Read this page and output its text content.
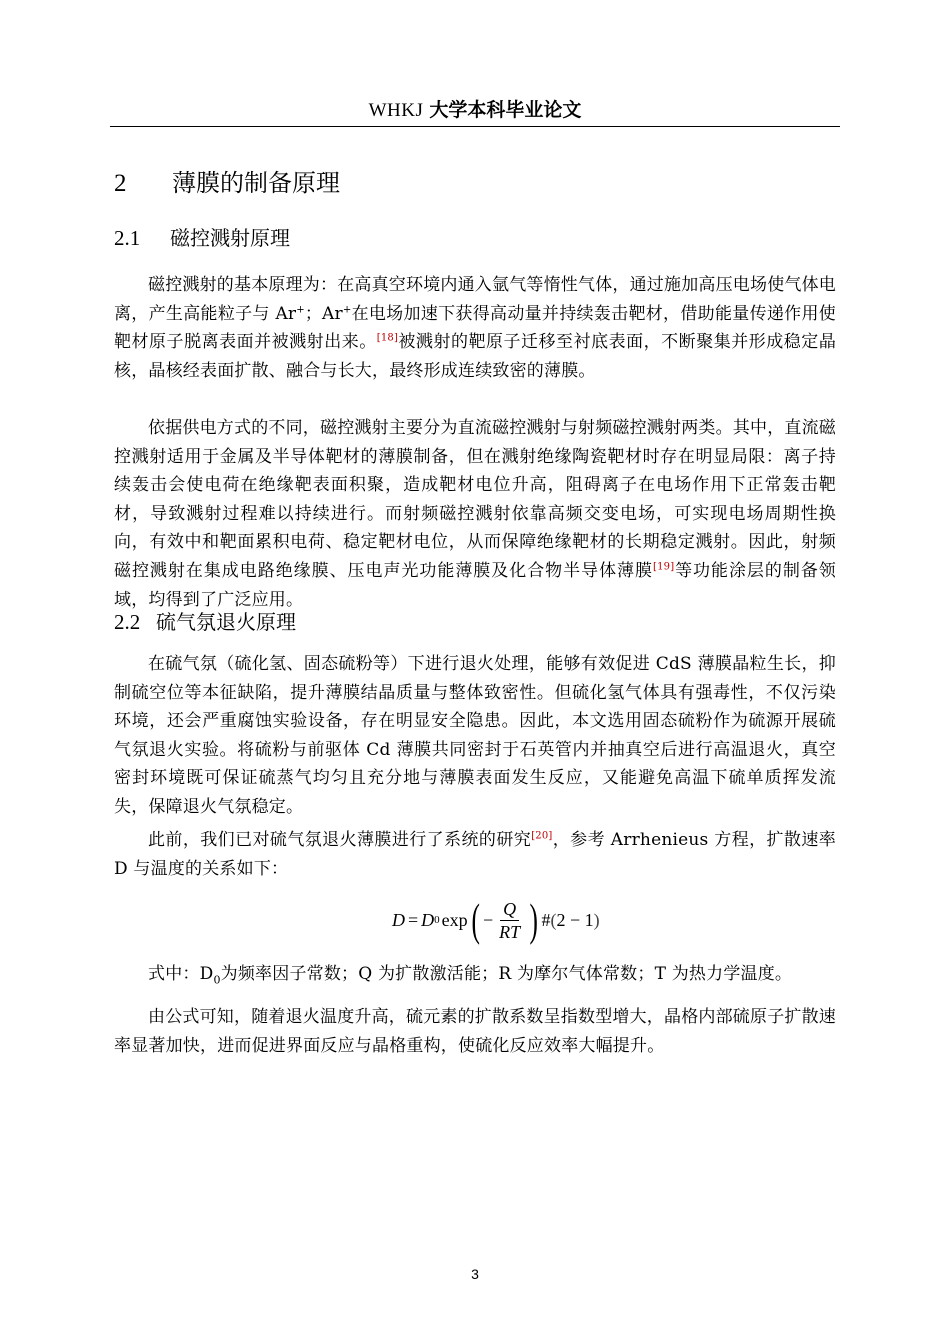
WHKJ 大学本科毕业论文
2 薄膜的制备原理
2.1 磁控溅射原理

磁控溅射的基本原理为：在高真空环境内通入氩气等惰性气体，通过施加高压电场使气体电离，产生高能粒子与 Ar+；Ar+在电场加速下获得高动量并持续轰击靶材，借助能量传递作用使靶材原子脱离表面并被溅射出来。[18]被溅射的靶原子迁移至衬底表面，不断聚集并形成稳定晶核，晶核经表面扩散、融合与长大，最终形成连续致密的薄膜。

依据供电方式的不同，磁控溅射主要分为直流磁控溅射与射频磁控溅射两类。其中，直流磁控溅射适用于金属及半导体靶材的薄膜制备，但在溅射绝缘陶瓷靶材时存在明显局限：离子持续轰击会使电荷在绝缘靶表面积聚，造成靶材电位升高，阻碍离子在电场作用下正常轰击靶材，导致溅射过程难以持续进行。而射频磁控溅射依靠高频交变电场，可实现电场周期性换向，有效中和靶面累积电荷、稳定靶材电位，从而保障绝缘靶材的长期稳定溅射。因此，射频磁控溅射在集成电路绝缘膜、压电声光功能薄膜及化合物半导体薄膜[19]等功能涂层的制备领域，均得到了广泛应用。

2.2 硫气氛退火原理

在硫气氛（硫化氢、固态硫粉等）下进行退火处理，能够有效促进 CdS 薄膜晶粒生长，抑制硫空位等本征缺陷，提升薄膜结晶质量与整体致密性。但硫化氢气体具有强毒性，不仅污染环境，还会严重腐蚀实验设备，存在明显安全隐患。因此，本文选用固态硫粉作为硫源开展硫气氛退火实验。将硫粉与前驱体 Cd 薄膜共同密封于石英管内并抽真空后进行高温退火，真空密封环境既可保证硫蒸气均匀且充分地与薄膜表面发生反应，又能避免高温下硫单质挥发流失，保障退火气氛稳定。

此前，我们已对硫气氛退火薄膜进行了系统的研究[20]，参考 Arrhenieus 方程，扩散速率 D 与温度的关系如下：

D = D 0 exp ( − $\frac{Q}{RT}$ ) # ( 2 − 1 )

式中：$D_0$为频率因子常数；Q 为扩散激活能；R 为摩尔气体常数；T 为热力学温度。

由公式可知，随着退火温度升高，硫元素的扩散系数呈指数型增大，晶格内部硫原子扩散速率显著加快，进而促进界面反应与晶格重构，使硫化反应效率大幅提升。

3
